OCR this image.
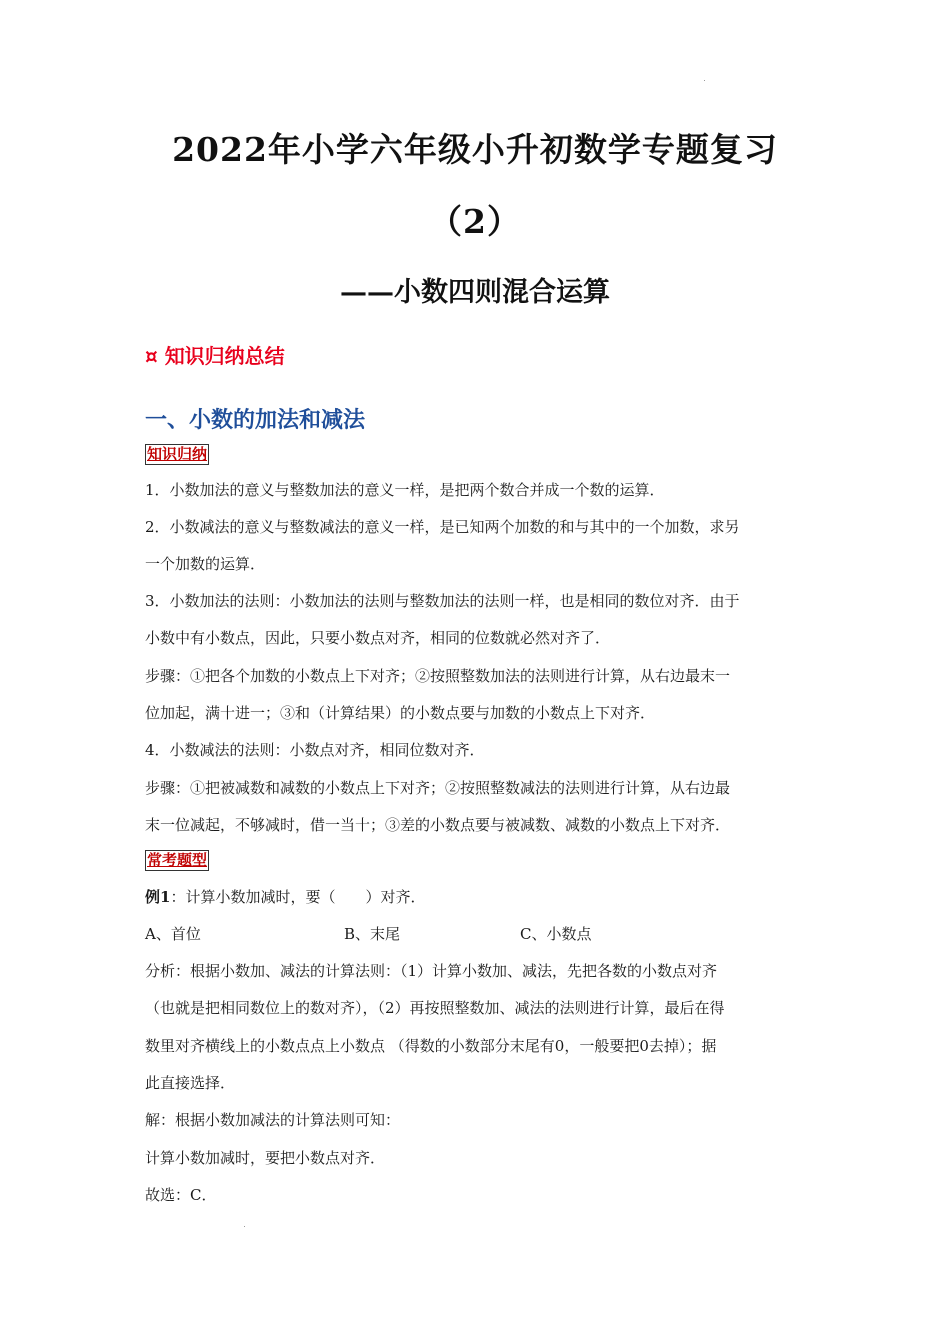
2022年小学六年级小升初数学专题复习
（2）
——小数四则混合运算
¤ 知识归纳总结
一、小数的加法和减法
知识归纳
1．小数加法的意义与整数加法的意义一样，是把两个数合并成一个数的运算．
2．小数减法的意义与整数减法的意义一样，是已知两个加数的和与其中的一个加数，求另
一个加数的运算．
3．小数加法的法则：小数加法的法则与整数加法的法则一样，也是相同的数位对齐．由于
小数中有小数点，因此，只要小数点对齐，相同的位数就必然对齐了．
步骤：①把各个加数的小数点上下对齐；②按照整数加法的法则进行计算，从右边最末一
位加起，满十进一；③和（计算结果）的小数点要与加数的小数点上下对齐．
4．小数减法的法则：小数点对齐，相同位数对齐．
步骤：①把被减数和减数的小数点上下对齐；②按照整数减法的法则进行计算，从右边最
末一位减起，不够减时，借一当十；③差的小数点要与被减数、减数的小数点上下对齐．
常考题型
例1：计算小数加减时，要（　　）对齐．
A、首位	B、末尾	C、小数点
分析：根据小数加、减法的计算法则：（1）计算小数加、减法，先把各数的小数点对齐
（也就是把相同数位上的数对齐），（2）再按照整数加、减法的法则进行计算，最后在得
数里对齐横线上的小数点点上小数点 （得数的小数部分末尾有0，一般要把0去掉）；据
此直接选择．
解：根据小数加减法的计算法则可知：
计算小数加减时，要把小数点对齐．
故选：C．
